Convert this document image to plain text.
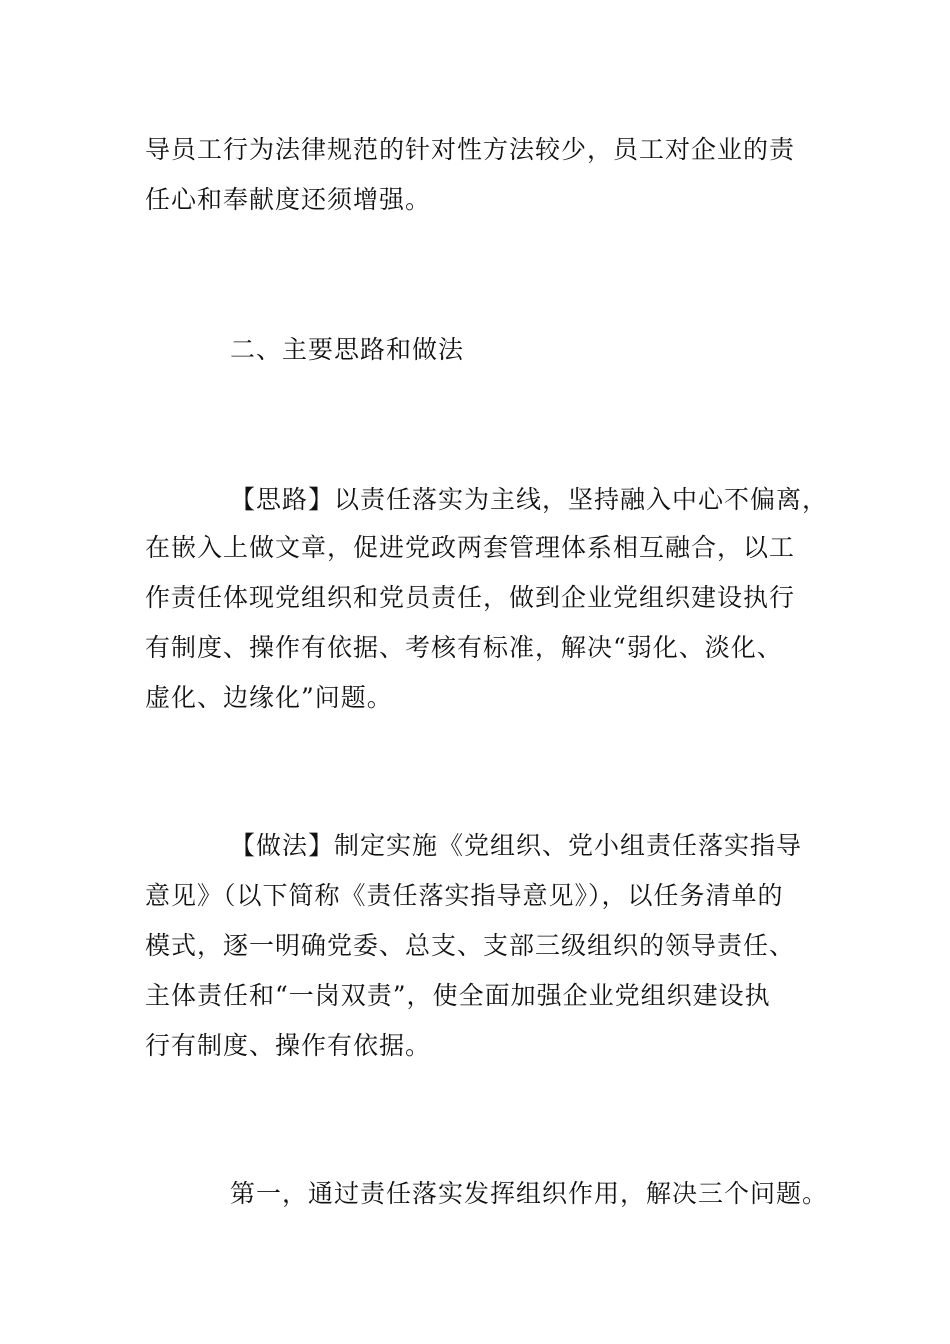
导员工行为法律规范的针对性方法较少，员工对企业的责
任心和奉献度还须增强。
二、主要思路和做法
【思路】以责任落实为主线，坚持融入中心不偏离，
在嵌入上做文章，促进党政两套管理体系相互融合，以工
作责任体现党组织和党员责任，做到企业党组织建设执行
有制度、操作有依据、考核有标准，解决“弱化、淡化、
虚化、边缘化”问题。
【做法】制定实施《党组织、党小组责任落实指导
意见》（以下简称《责任落实指导意见》），以任务清单的
模式，逐一明确党委、总支、支部三级组织的领导责任、
主体责任和“一岗双责”，使全面加强企业党组织建设执
行有制度、操作有依据。
第一，通过责任落实发挥组织作用，解决三个问题。
